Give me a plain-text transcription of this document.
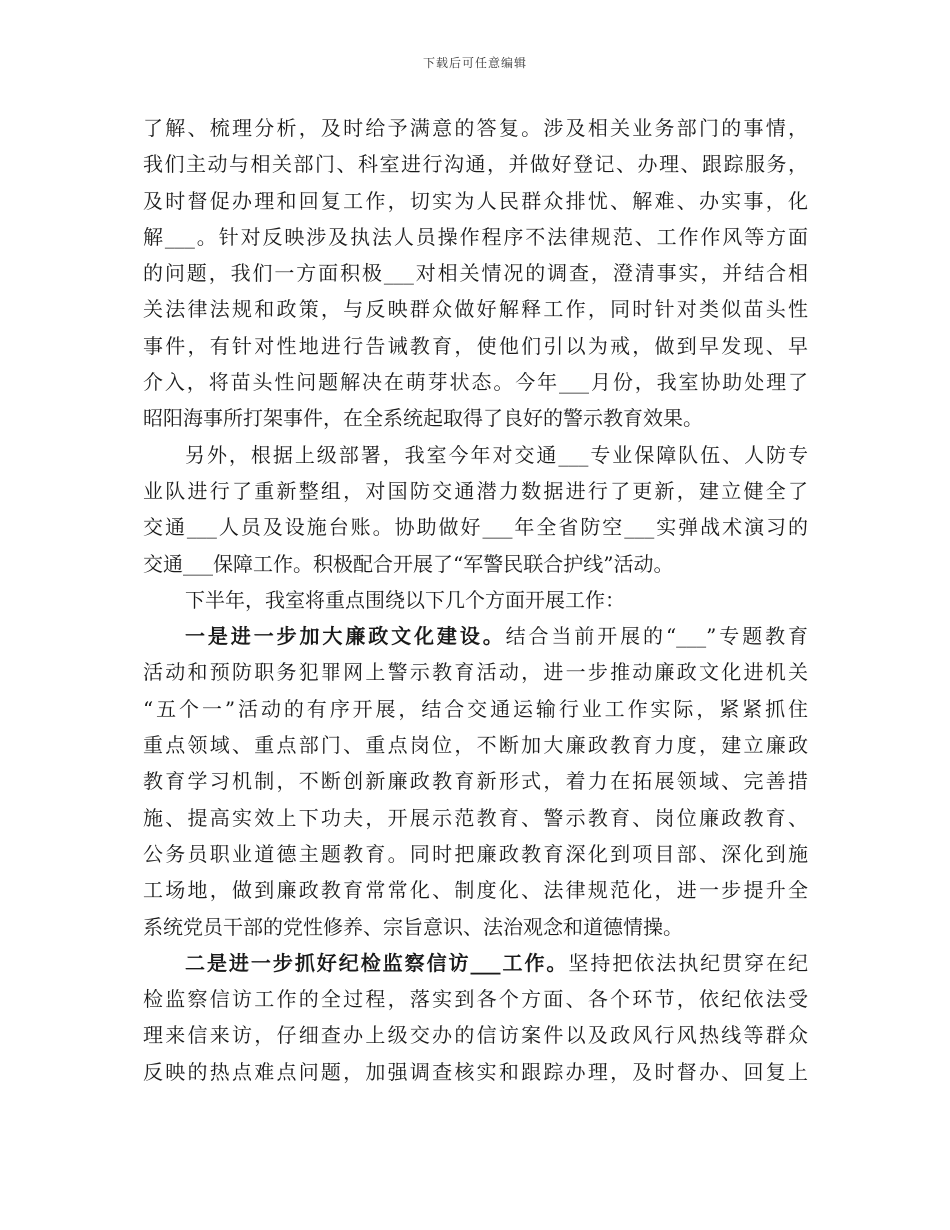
下载后可任意编辑
了解、梳理分析，及时给予满意的答复。涉及相关业务部门的事情，
我们主动与相关部门、科室进行沟通，并做好登记、办理、跟踪服务，
及时督促办理和回复工作，切实为人民群众排忧、解难、办实事，化
解___。针对反映涉及执法人员操作程序不法律规范、工作作风等方面
的问题，我们一方面积极___对相关情况的调查，澄清事实，并结合相
关法律法规和政策，与反映群众做好解释工作，同时针对类似苗头性
事件，有针对性地进行告诫教育，使他们引以为戒，做到早发现、早
介入，将苗头性问题解决在萌芽状态。今年___月份，我室协助处理了
昭阳海事所打架事件，在全系统起取得了良好的警示教育效果。
另外，根据上级部署，我室今年对交通___专业保障队伍、人防专
业队进行了重新整组，对国防交通潜力数据进行了更新，建立健全了
交通___人员及设施台账。协助做好___年全省防空___实弹战术演习的
交通___保障工作。积极配合开展了“军警民联合护线”活动。
下半年，我室将重点围绕以下几个方面开展工作：
一是进一步加大廉政文化建设。结合当前开展的“___”专题教育
活动和预防职务犯罪网上警示教育活动，进一步推动廉政文化进机关
“五个一”活动的有序开展，结合交通运输行业工作实际，紧紧抓住
重点领域、重点部门、重点岗位，不断加大廉政教育力度，建立廉政
教育学习机制，不断创新廉政教育新形式，着力在拓展领域、完善措
施、提高实效上下功夫，开展示范教育、警示教育、岗位廉政教育、
公务员职业道德主题教育。同时把廉政教育深化到项目部、深化到施
工场地，做到廉政教育常常化、制度化、法律规范化，进一步提升全
系统党员干部的党性修养、宗旨意识、法治观念和道德情操。
二是进一步抓好纪检监察信访___工作。坚持把依法执纪贯穿在纪
检监察信访工作的全过程，落实到各个方面、各个环节，依纪依法受
理来信来访，仔细查办上级交办的信访案件以及政风行风热线等群众
反映的热点难点问题，加强调查核实和跟踪办理，及时督办、回复上
